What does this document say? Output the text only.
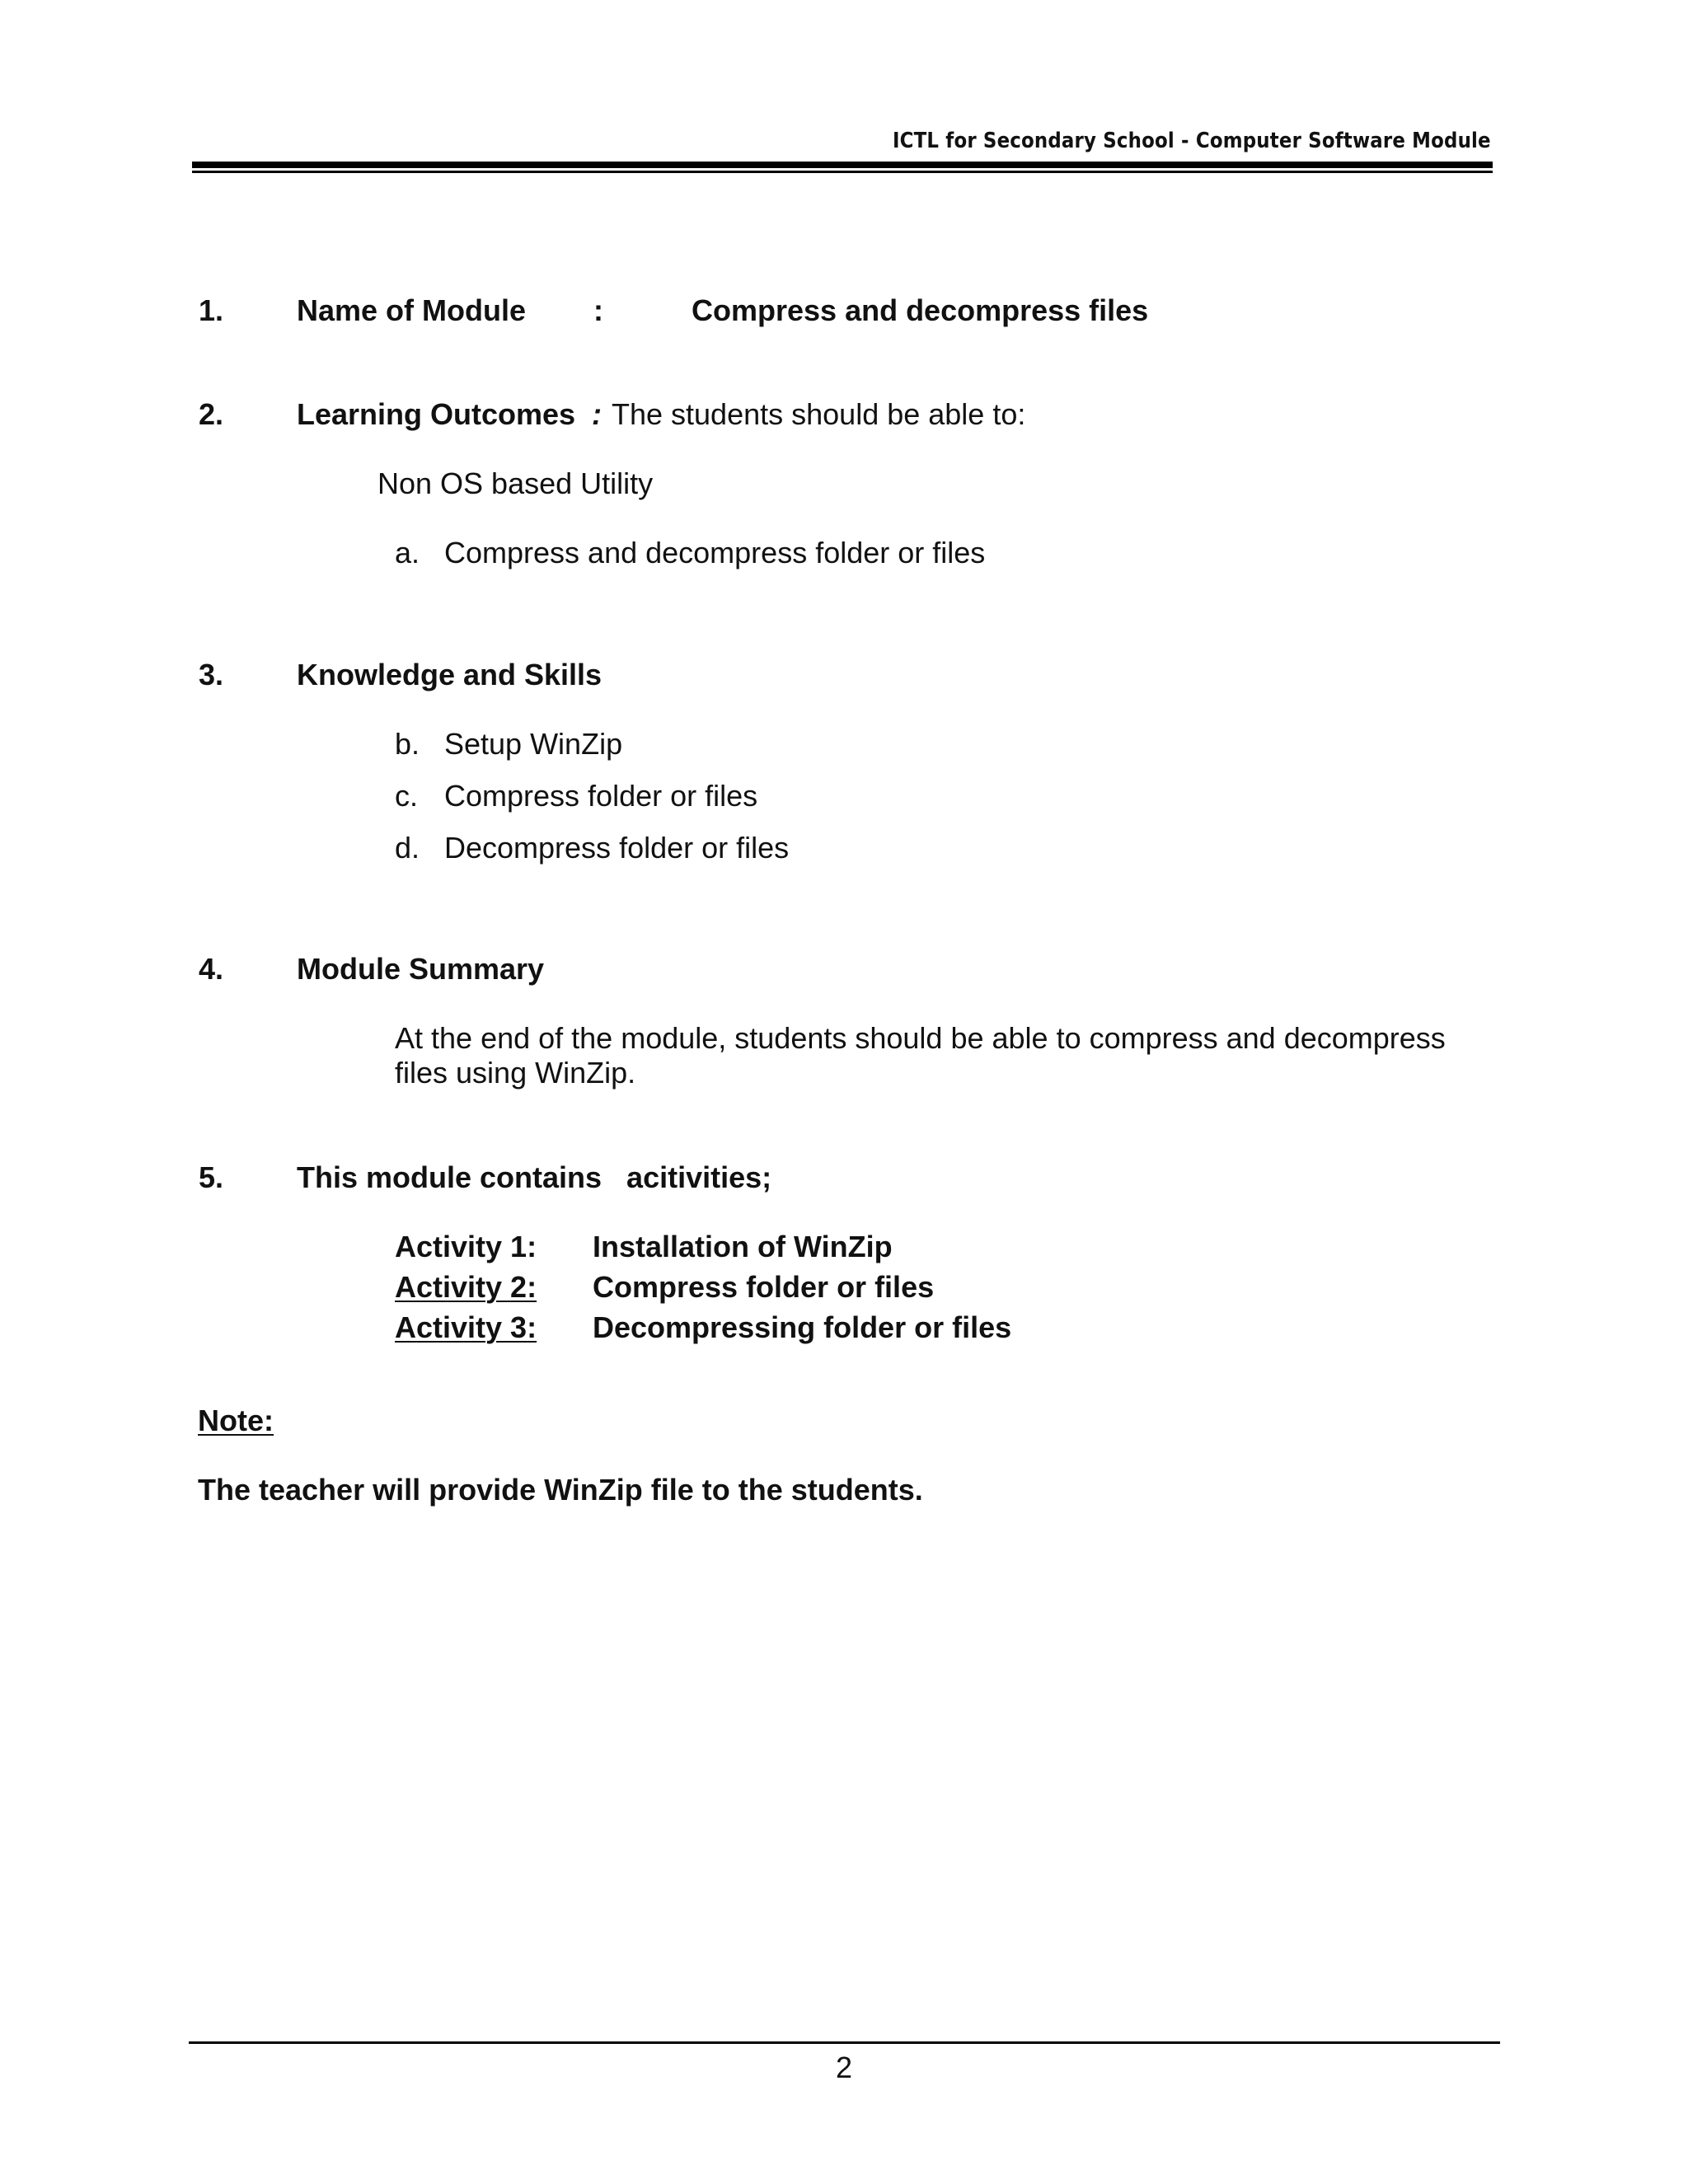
ICTL for Secondary School - Computer Software Module
1. Name of Module :	Compress and decompress files
2. Learning Outcomes : The students should be able to:
Non OS based Utility
a. Compress and decompress folder or files
3. Knowledge and Skills
b. Setup WinZip
c. Compress folder or files
d. Decompress folder or files
4. Module Summary
At the end of the module, students should be able to compress and decompress
files using WinZip.
5. This module contains   acitivities;
Activity 1: Installation of WinZip
Activity 2: Compress folder or files
Activity 3: Decompressing folder or files
Note:
The teacher will provide WinZip file to the students.
2
